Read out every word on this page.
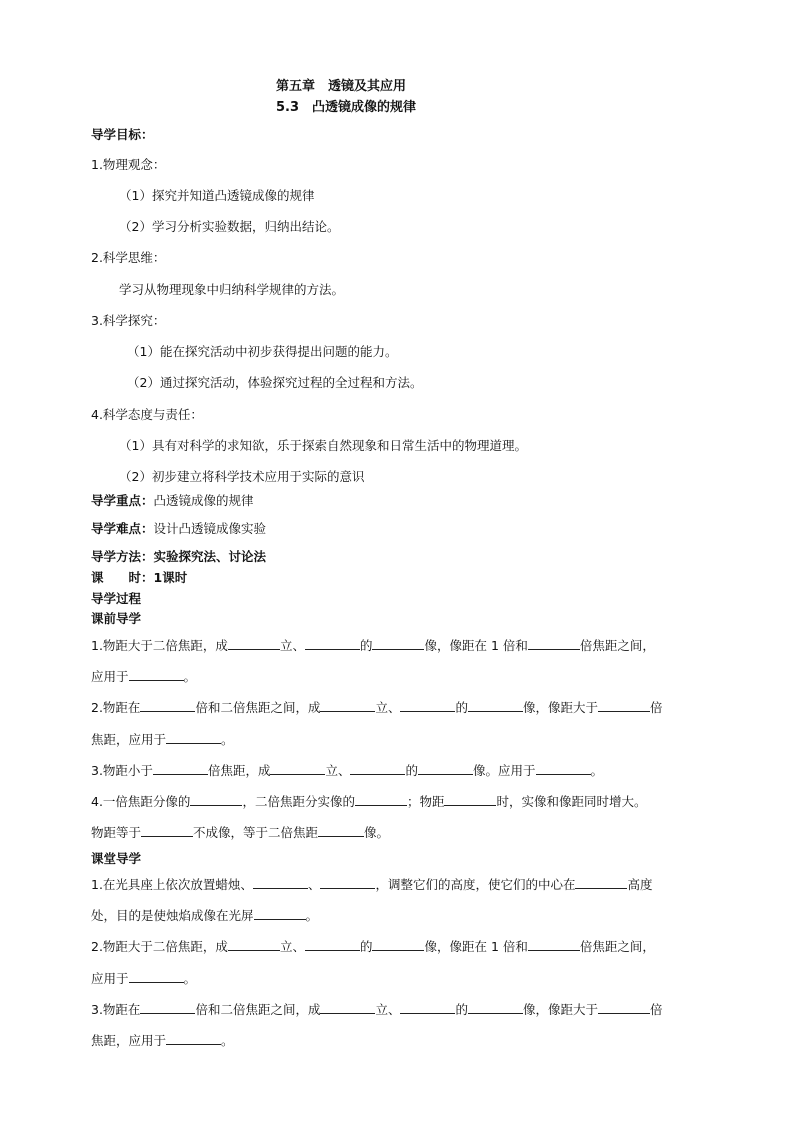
第五章　透镜及其应用
5.3　凸透镜成像的规律
导学目标：
1.物理观念：
（1）探究并知道凸透镜成像的规律
（2）学习分析实验数据，归纳出结论。
2.科学思维：
学习从物理现象中归纳科学规律的方法。
3.科学探究：
（1）能在探究活动中初步获得提出问题的能力。
（2）通过探究活动，体验探究过程的全过程和方法。
4.科学态度与责任：
（1）具有对科学的求知欲，乐于探索自然现象和日常生活中的物理道理。
（2）初步建立将科学技术应用于实际的意识
导学重点：凸透镜成像的规律
导学难点：设计凸透镜成像实验
导学方法：实验探究法、讨论法
课　　时：1课时
导学过程
课前导学
1.物距大于二倍焦距，成	立、	的	像，像距在 1 倍和	倍焦距之间，
应用于	。
2.物距在	倍和二倍焦距之间，成	立、	的	像，像距大于	倍
焦距，应用于	。
3.物距小于	倍焦距，成	立、	的	像。应用于	。
4.一倍焦距分像的	，二倍焦距分实像的	；物距	时，实像和像距同时增大。
物距等于	不成像，等于二倍焦距	像。
课堂导学
1.在光具座上依次放置蜡烛、	、	，调整它们的高度，使它们的中心在	高度
处，目的是使烛焰成像在光屏	。
2.物距大于二倍焦距，成	立、	的	像，像距在 1 倍和	倍焦距之间，
应用于	。
3.物距在	倍和二倍焦距之间，成	立、	的	像，像距大于	倍
焦距，应用于	。
